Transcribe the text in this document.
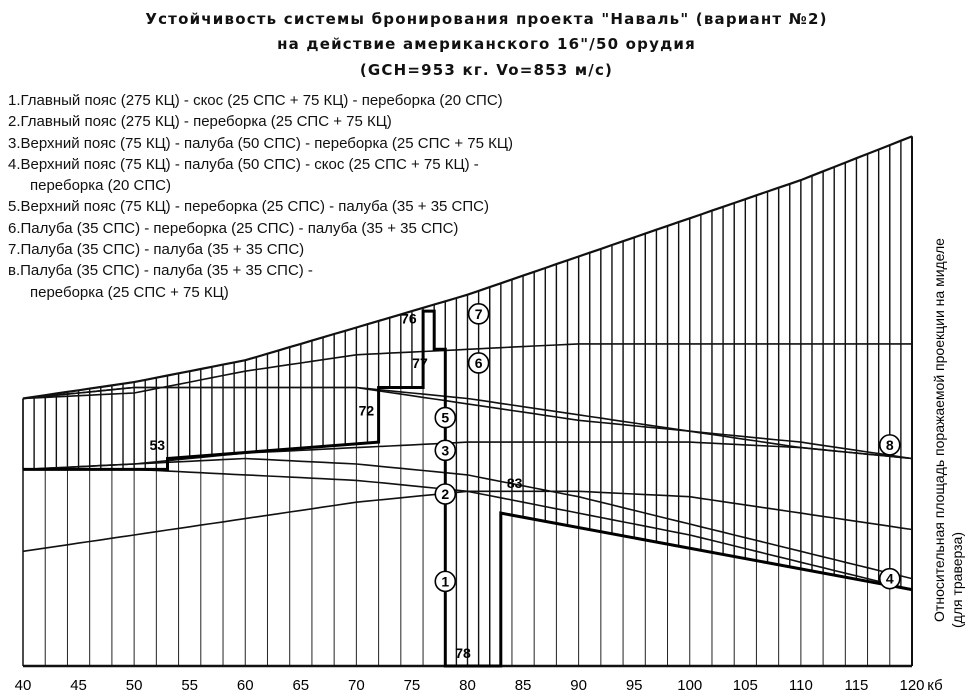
Устойчивость системы бронирования проекта "Наваль" (вариант №2)
на действие американского 16"/50 орудия
(GCH=953 кг. Vo=853 м/с)
1.Главный пояс (275 КЦ) - скос (25 СПС + 75 КЦ) - переборка (20 СПС)
2.Главный пояс (275 КЦ) - переборка (25 СПС + 75 КЦ)
3.Верхний пояс (75 КЦ) - палуба (50 СПС) - переборка (25 СПС + 75 КЦ)
4.Верхний пояс (75 КЦ) - палуба (50 СПС) - скос (25 СПС + 75 КЦ) -
переборка (20 СПС)
5.Верхний пояс (75 КЦ) - переборка (25 СПС) - палуба (35 + 35 СПС)
6.Палуба (35 СПС) - переборка (25 СПС) - палуба (35 + 35 СПС)
7.Палуба (35 СПС) - палуба (35 + 35 СПС)
в.Палуба (35 СПС) - палуба (35 + 35 СПС) -
переборка (25 СПС + 75 КЦ)
53
72
76
77
78
83
1
2
3
4
5
6
7
8
40	45	50	55	60	65	70	75	80	85	90	95 100 105 110 115 120 кб
Относительная площадь поражаемой проекции на миделе (для траверза)
